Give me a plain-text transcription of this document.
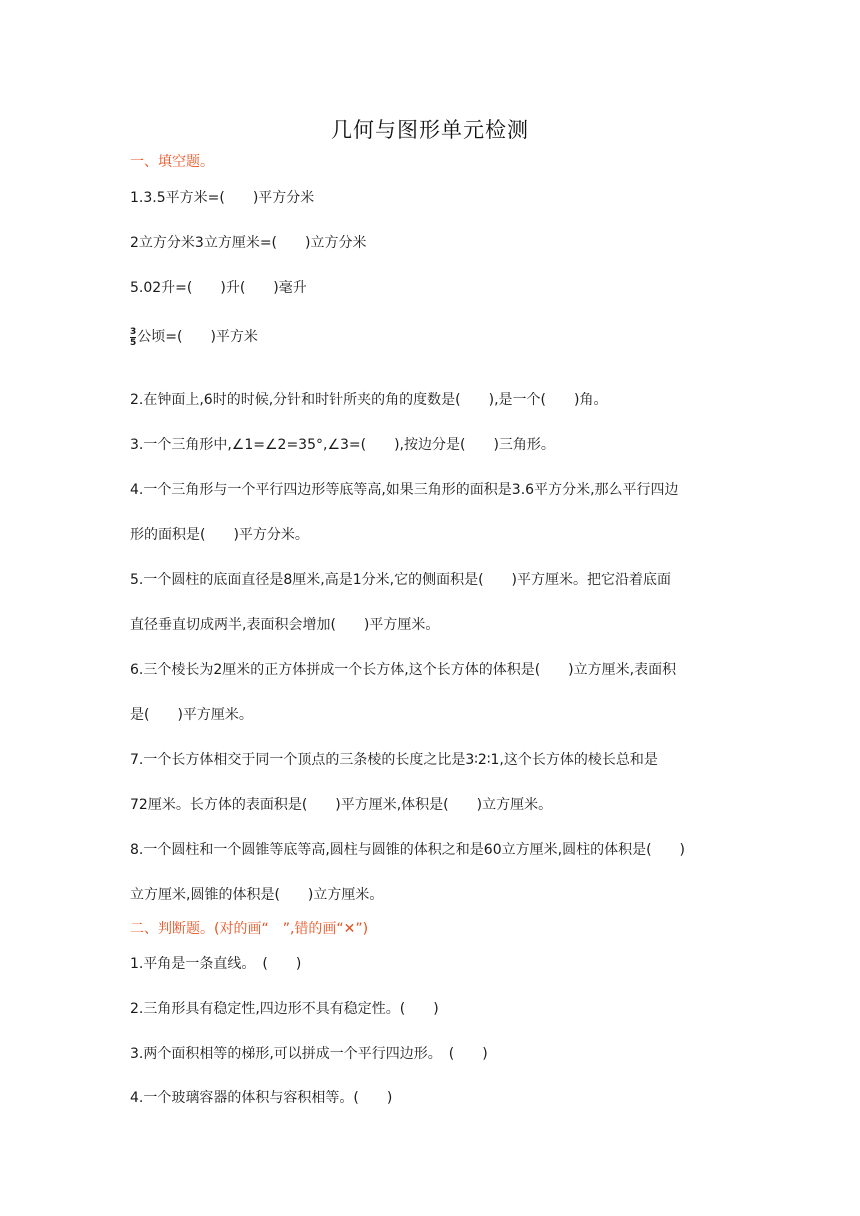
几何与图形单元检测
一、填空题。
1.3.5平方米=(　　)平方分米
2立方分米3立方厘米=(　　)立方分米
5.02升=(　　)升(　　)毫升
$\frac{3}{5}$公顷=(　　)平方米
2.在钟面上,6时的时候,分针和时针所夹的角的度数是(　　),是一个(　　)角。
3.一个三角形中,∠1=∠2=35°,∠3=(　　),按边分是(　　)三角形。
4.一个三角形与一个平行四边形等底等高,如果三角形的面积是3.6平方分米,那么平行四边
形的面积是(　　)平方分米。
5.一个圆柱的底面直径是8厘米,高是1分米,它的侧面积是(　　)平方厘米。把它沿着底面
直径垂直切成两半,表面积会增加(　　)平方厘米。
6.三个棱长为2厘米的正方体拼成一个长方体,这个长方体的体积是(　　)立方厘米,表面积
是(　　)平方厘米。
7.一个长方体相交于同一个顶点的三条棱的长度之比是3∶2∶1,这个长方体的棱长总和是
72厘米。长方体的表面积是(　　)平方厘米,体积是(　　)立方厘米。
8.一个圆柱和一个圆锥等底等高,圆柱与圆锥的体积之和是60立方厘米,圆柱的体积是(　　)
立方厘米,圆锥的体积是(　　)立方厘米。
二、判断题。(对的画“　”,错的画“✕”)
1.平角是一条直线。　(　　)
2.三角形具有稳定性,四边形不具有稳定性。(　　)
3.两个面积相等的梯形,可以拼成一个平行四边形。　(　　)
4.一个玻璃容器的体积与容积相等。(　　)
